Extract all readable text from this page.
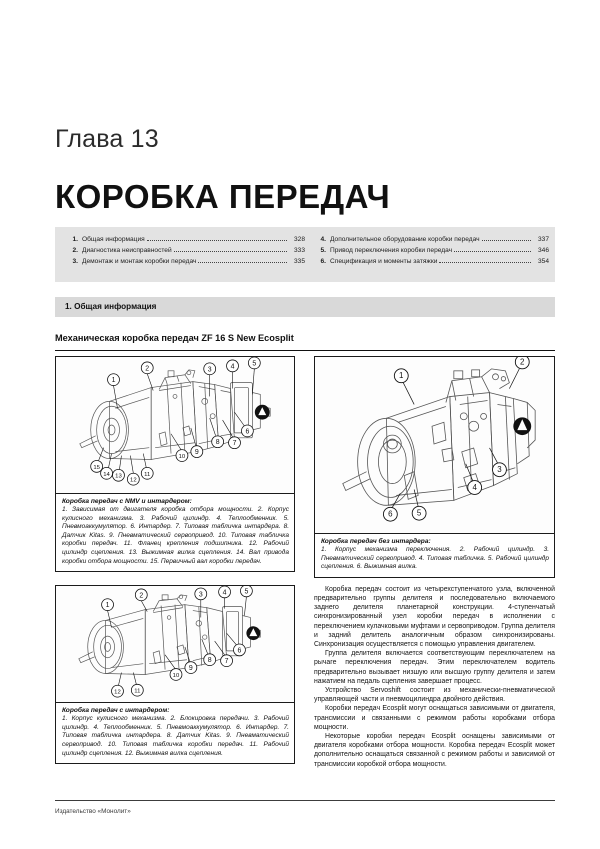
Глава 13
КОРОБКА ПЕРЕДАЧ
1. Общая информация	328
2. Диагностика неисправностей	333
3. Демонтаж и монтаж коробки передач	335
4. Дополнительное оборудование коробки передач	337
5. Привод переключения коробки передач	346
6. Спецификация и моменты затяжки	354
1. Общая информация
Механическая коробка передач ZF 16 S New Ecosplit
1
2	3	4	5
6
7
8
9
10
11
12
13
14
15
Коробка передач с NMV и интардером:
1. Зависимая от двигателя коробка отбора мощности. 2. Корпус кулисного механизма. 3. Рабочий цилиндр. 4. Теплообменник. 5. Пневмоаккумулятор. 6. Интардер. 7. Типовая табличка интардера. 8. Датчик Kitas. 9. Пневматический сервопривод. 10. Типовая табличка коробки передач. 11. Фланец крепления подшипника. 12. Рабочий цилиндр сцепления. 13. Выжимная вилка сцепления. 14. Вал привода коробки отбора мощности. 15. Первичный вал коробки передач.
1
2	3	4	5
6
7
8
9
10
11
12
Коробка передач с интардером:
1. Корпус кулисного механизма. 2. Блокировка передачи. 3. Рабочий цилиндр. 4. Теплообменник. 5. Пневмоаккумулятор. 6. Интардер. 7. Типовая табличка интардера. 8. Датчик Kitas. 9. Пневматический сервопривод. 10. Типовая табличка коробки передач. 11. Рабочий цилиндр сцепления. 12. Выжимная вилка сцепления.
1
2
3
4
5
6
Коробка передач без интардера:
1. Корпус механизма переключения. 2. Рабочий цилиндр. 3. Пневматический сервопривод. 4. Типовая табличка. 5. Рабочий цилиндр сцепления. 6. Выжимная вилка.

Коробка передач состоит из четырехступенчатого узла, включенной предварительно группы делителя и последовательно включаемого заднего делителя планетарной конструкции. 4-ступенчатый синхронизированный узел коробки передач в исполнении с переключением кулачковыми муфтами и сервоприводом. Группа делителя и задний делитель аналогичным образом синхронизированы. Синхронизация осуществляется с помощью управления двигателем.

Группа делителя включается соответствующим переключателем на рычаге переключения передач. Этим переключателем водитель предварительно вызывает низшую или высшую группу делителя и затем нажатием на педаль сцепления завершает процесс.

Устройство Servoshift состоит из механически-пневматической управляющей части и пневмоцилиндра двойного действия.

Коробки передач Ecosplit могут оснащаться зависимыми от двигателя, трансмиссии и связанными с режимом работы коробками отбора мощности.

Некоторые коробки передач Ecosplit оснащены зависимыми от двигателя коробками отбора мощности. Коробка передач Ecosplit может дополнительно оснащаться связанной с режимом работы и зависимой от трансмиссии коробкой отбора мощности.

Издательство «Монолит»
